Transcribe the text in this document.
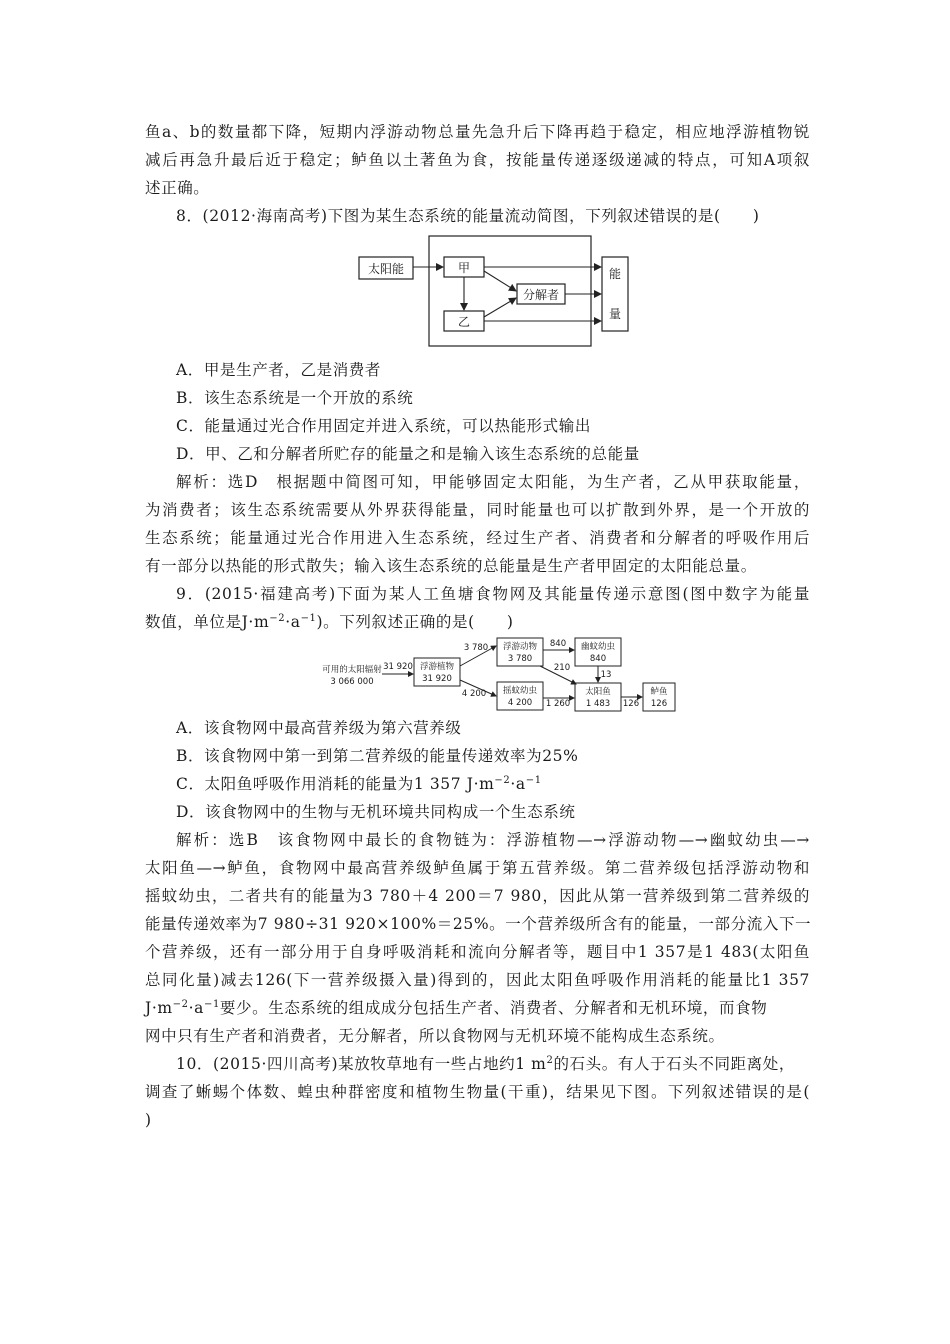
鱼a、b的数量都下降，短期内浮游动物总量先急升后下降再趋于稳定，相应地浮游植物锐
减后再急升最后近于稳定；鲈鱼以土著鱼为食，按能量传递逐级递减的特点，可知A项叙
述正确。
8．(2012·海南高考)下图为某生态系统的能量流动简图，下列叙述错误的是(　　)
太阳能	甲
乙
分解者
能
量
A．甲是生产者，乙是消费者
B．该生态系统是一个开放的系统
C．能量通过光合作用固定并进入系统，可以热能形式输出
D．甲、乙和分解者所贮存的能量之和是输入该生态系统的总能量
解析：选D　根据题中简图可知，甲能够固定太阳能，为生产者，乙从甲获取能量，
为消费者；该生态系统需要从外界获得能量，同时能量也可以扩散到外界，是一个开放的
生态系统；能量通过光合作用进入生态系统，经过生产者、消费者和分解者的呼吸作用后
有一部分以热能的形式散失；输入该生态系统的总能量是生产者甲固定的太阳能总量。
9．(2015·福建高考)下面为某人工鱼塘食物网及其能量传递示意图(图中数字为能量
数值，单位是$J\cdot m^{-2}\cdot a^{-1}$)。下列叙述正确的是(　　)
可用的太阳辐射
3 066 000
31 920 浮游植物
31 920
3 780
4 200
浮游动物
3 780
840
210
幽蚊幼虫
840
13
摇蚊幼虫
4 200 1 260
太阳鱼
1 483 126
鲈鱼
126
A．该食物网中最高营养级为第六营养级
B．该食物网中第一到第二营养级的能量传递效率为25%
C．太阳鱼呼吸作用消耗的能量为1 357 $J\cdot m^{-2}\cdot a^{-1}$
D．该食物网中的生物与无机环境共同构成一个生态系统
解析：选B　该食物网中最长的食物链为：浮游植物—→浮游动物—→幽蚊幼虫—→
太阳鱼—→鲈鱼，食物网中最高营养级鲈鱼属于第五营养级。第二营养级包括浮游动物和
摇蚊幼虫，二者共有的能量为3 780＋4 200＝7 980，因此从第一营养级到第二营养级的
能量传递效率为7 980÷31 920×100%＝25%。一个营养级所含有的能量，一部分流入下一
个营养级，还有一部分用于自身呼吸消耗和流向分解者等，题目中1 357是1 483(太阳鱼
总同化量)减去126(下一营养级摄入量)得到的，因此太阳鱼呼吸作用消耗的能量比1 357
$J\cdot m^{-2}\cdot a^{-1}$要少。生态系统的组成成分包括生产者、消费者、分解者和无机环境，而食物
网中只有生产者和消费者，无分解者，所以食物网与无机环境不能构成生态系统。
10．(2015·四川高考)某放牧草地有一些占地约1 $m^2$的石头。有人于石头不同距离处，
调查了蜥蜴个体数、蝗虫种群密度和植物生物量(干重)，结果见下图。下列叙述错误的是(
)
